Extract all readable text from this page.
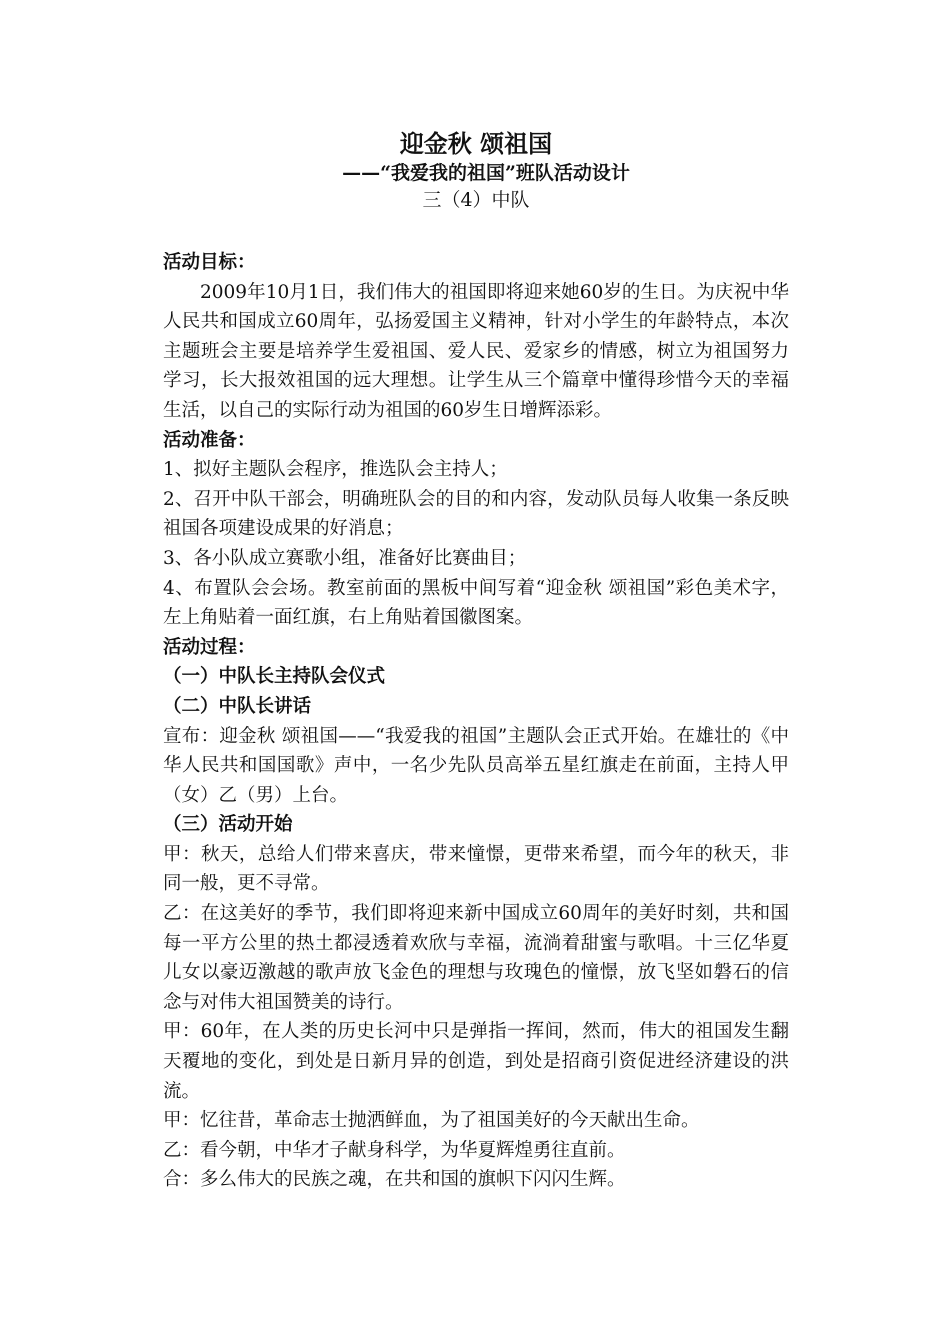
迎金秋 颂祖国

——“我爱我的祖国”班队活动设计

三（4）中队

活动目标：

2009年10月1日，我们伟大的祖国即将迎来她60岁的生日。为庆祝中华人民共和国成立60周年，弘扬爱国主义精神，针对小学生的年龄特点，本次主题班会主要是培养学生爱祖国、爱人民、爱家乡的情感，树立为祖国努力学习，长大报效祖国的远大理想。让学生从三个篇章中懂得珍惜今天的幸福生活，以自己的实际行动为祖国的60岁生日增辉添彩。

活动准备：

1、拟好主题队会程序，推选队会主持人；

2、召开中队干部会，明确班队会的目的和内容，发动队员每人收集一条反映祖国各项建设成果的好消息；

3、各小队成立赛歌小组，准备好比赛曲目；

4、布置队会会场。教室前面的黑板中间写着“迎金秋 颂祖国”彩色美术字，左上角贴着一面红旗，右上角贴着国徽图案。

活动过程：

（一）中队长主持队会仪式

（二）中队长讲话

宣布：迎金秋 颂祖国——“我爱我的祖国”主题队会正式开始。在雄壮的《中华人民共和国国歌》声中，一名少先队员高举五星红旗走在前面，主持人甲（女）乙（男）上台。

（三）活动开始

甲：秋天，总给人们带来喜庆，带来憧憬，更带来希望，而今年的秋天，非同一般，更不寻常。

乙：在这美好的季节，我们即将迎来新中国成立60周年的美好时刻，共和国每一平方公里的热土都浸透着欢欣与幸福，流淌着甜蜜与歌唱。十三亿华夏儿女以豪迈激越的歌声放飞金色的理想与玫瑰色的憧憬，放飞坚如磐石的信念与对伟大祖国赞美的诗行。

甲：60年，在人类的历史长河中只是弹指一挥间，然而，伟大的祖国发生翻天覆地的变化，到处是日新月异的创造，到处是招商引资促进经济建设的洪流。

甲：忆往昔，革命志士抛洒鲜血，为了祖国美好的今天献出生命。

乙：看今朝，中华才子献身科学，为华夏辉煌勇往直前。

合：多么伟大的民族之魂，在共和国的旗帜下闪闪生辉。
